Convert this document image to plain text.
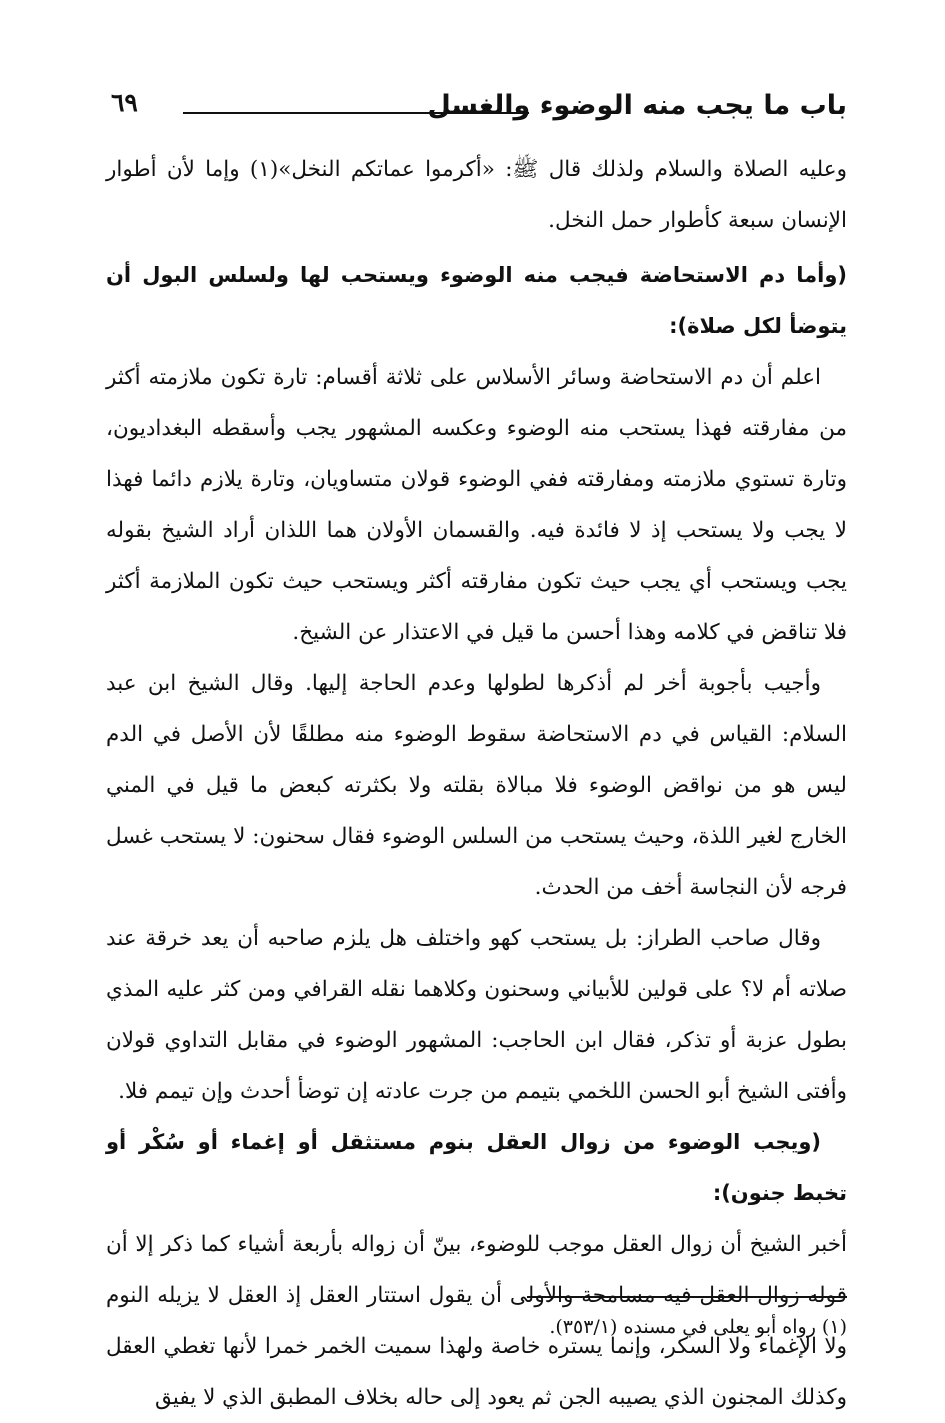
باب ما يجب منه الوضوء والغسل
٦٩

وعليه الصلاة والسلام ولذلك قال ﷺ: «أكرموا عماتكم النخل»(١) وإما لأن أطوار الإنسان سبعة كأطوار حمل النخل.

(وأما دم الاستحاضة فيجب منه الوضوء ويستحب لها ولسلس البول أن يتوضأ لكل صلاة):

اعلم أن دم الاستحاضة وسائر الأسلاس على ثلاثة أقسام: تارة تكون ملازمته أكثر من مفارقته فهذا يستحب منه الوضوء وعكسه المشهور يجب وأسقطه البغداديون، وتارة تستوي ملازمته ومفارقته ففي الوضوء قولان متساويان، وتارة يلازم دائما فهذا لا يجب ولا يستحب إذ لا فائدة فيه. والقسمان الأولان هما اللذان أراد الشيخ بقوله يجب ويستحب أي يجب حيث تكون مفارقته أكثر ويستحب حيث تكون الملازمة أكثر فلا تناقض في كلامه وهذا أحسن ما قيل في الاعتذار عن الشيخ.

وأجيب بأجوبة أخر لم أذكرها لطولها وعدم الحاجة إليها. وقال الشيخ ابن عبد السلام: القياس في دم الاستحاضة سقوط الوضوء منه مطلقًا لأن الأصل في الدم ليس هو من نواقض الوضوء فلا مبالاة بقلته ولا بكثرته كبعض ما قيل في المني الخارج لغير اللذة، وحيث يستحب من السلس الوضوء فقال سحنون: لا يستحب غسل فرجه لأن النجاسة أخف من الحدث.

وقال صاحب الطراز: بل يستحب كهو واختلف هل يلزم صاحبه أن يعد خرقة عند صلاته أم لا؟ على قولين للأبياني وسحنون وكلاهما نقله القرافي ومن كثر عليه المذي بطول عزبة أو تذكر، فقال ابن الحاجب: المشهور الوضوء في مقابل التداوي قولان وأفتى الشيخ أبو الحسن اللخمي بتيمم من جرت عادته إن توضأ أحدث وإن تيمم فلا.

(ويجب الوضوء من زوال العقل بنوم مستثقل أو إغماء أو سُكْر أو تخبط جنون):

أخبر الشيخ أن زوال العقل موجب للوضوء، بينّ أن زواله بأربعة أشياء كما ذكر إلا أن قوله زوال العقل فيه مسامحة والأولى أن يقول استتار العقل إذ العقل لا يزيله النوم ولا الإغماء ولا السكر، وإنما يستره خاصة ولهذا سميت الخمر خمرا لأنها تغطي العقل وكذلك المجنون الذي يصيبه الجن ثم يعود إلى حاله بخلاف المطبق الذي لا يفيق

(١) رواه أبو يعلى في مسنده (٣٥٣/١).
